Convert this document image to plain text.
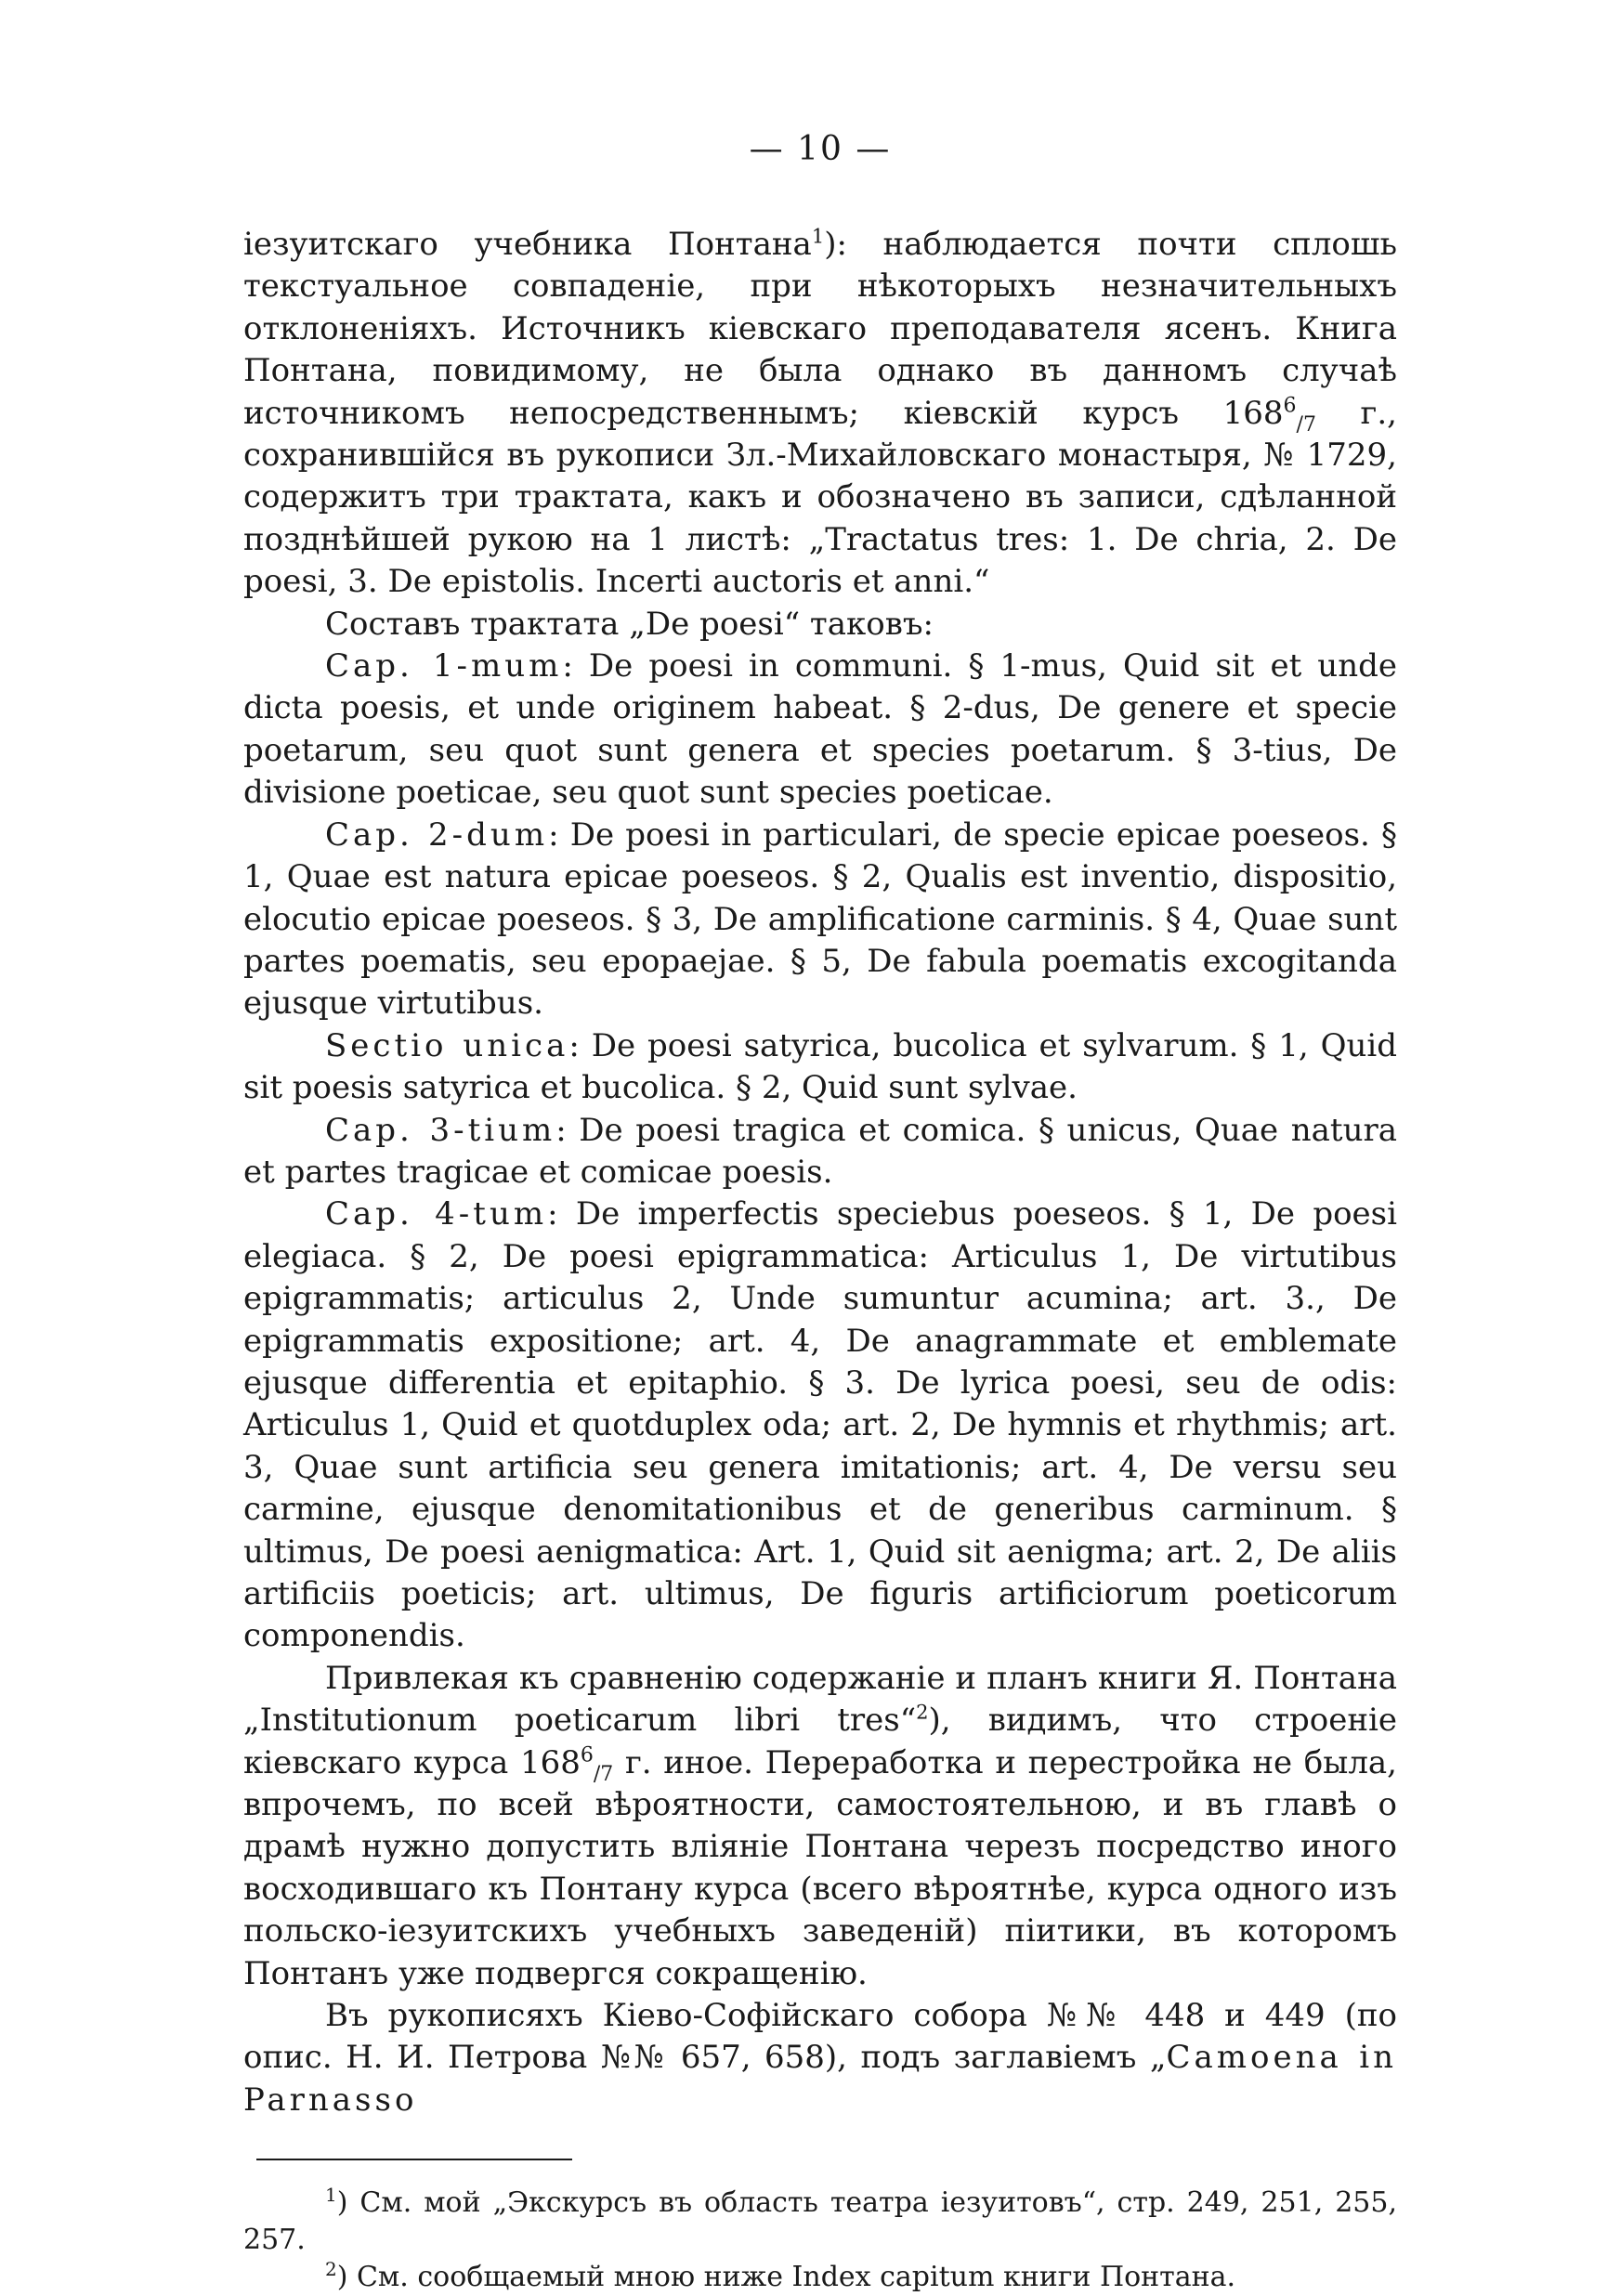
— 10 —

іезуитскаго учебника Понтана$^1$): наблюдается почти сплошь текстуальное совпаденіе, при нѣкоторыхъ незначительныхъ отклоненіяхъ. Источникъ кіевскаго преподавателя ясенъ. Книга Понтана, повидимому, не была однако въ данномъ случаѣ источникомъ непосредственнымъ; кіевскій курсъ $168^6_{/7}$ г., сохранившійся въ рукописи Зл.-Михайловскаго монастыря, № 1729, содержитъ три трактата, какъ и обозначено въ записи, сдѣланной позднѣйшей рукою на 1 листѣ: „Tractatus tres: 1. De chria, 2. De poesi, 3. De epistolis. Incerti auctoris et anni.“

Составъ трактата „De poesi“ таковъ:

Cap. 1-mum: De poesi in communi. § 1-mus, Quid sit et unde dicta poesis, et unde originem habeat. § 2-dus, De genere et specie poetarum, seu quot sunt genera et species poetarum. § 3-tius, De divisione poeticae, seu quot sunt species poeticae.

Cap. 2-dum: De poesi in particulari, de specie epicae poeseos. § 1, Quae est natura epicae poeseos. § 2, Qualis est inventio, dispositio, elocutio epicae poeseos. § 3, De amplificatione carminis. § 4, Quae sunt partes poematis, seu epopaejae. § 5, De fabula poematis excogitanda ejusque virtutibus.

Sectio unica: De poesi satyrica, bucolica et sylvarum. § 1, Quid sit poesis satyrica et bucolica. § 2, Quid sunt sylvae.

Cap. 3-tium: De poesi tragica et comica. § unicus, Quae natura et partes tragicae et comicae poesis.

Cap. 4-tum: De imperfectis speciebus poeseos. § 1, De poesi elegiaca. § 2, De poesi epigrammatica: Articulus 1, De virtutibus epigrammatis; articulus 2, Unde sumuntur acumina; art. 3., De epigrammatis expositione; art. 4, De anagrammate et emblemate ejusque differentia et epitaphio. § 3. De lyrica poesi, seu de odis: Articulus 1, Quid et quotduplex oda; art. 2, De hymnis et rhythmis; art. 3, Quae sunt artificia seu genera imitationis; art. 4, De versu seu carmine, ejusque denomitationibus et de generibus carminum. § ultimus, De poesi aenigmatica: Art. 1, Quid sit aenigma; art. 2, De aliis artificiis poeticis; art. ultimus, De figuris artificiorum poeticorum componendis.

Привлекая къ сравненію содержаніе и планъ книги Я. Понтана „Institutionum poeticarum libri tres“$^2$), видимъ, что строеніе кіевскаго курса $168^6_{/7}$ г. иное. Переработка и перестройка не была, впрочемъ, по всей вѣроятности, самостоятельною, и въ главѣ о драмѣ нужно допустить вліяніе Понтана черезъ посредство иного восходившаго къ Понтану курса (всего вѣроятнѣе, курса одного изъ польско-іезуитскихъ учебныхъ заведеній) піитики, въ которомъ Понтанъ уже подвергся сокращенію.

Въ рукописяхъ Кіево-Софійскаго собора №№ 448 и 449 (по опис. Н. И. Петрова №№ 657, 658), подъ заглавіемъ „Camoena in Parnasso

$^1$) См. мой „Экскурсъ въ область театра іезуитовъ“, стр. 249, 251, 255, 257.

$^2$) См. сообщаемый мною ниже Index capitum книги Понтана.
